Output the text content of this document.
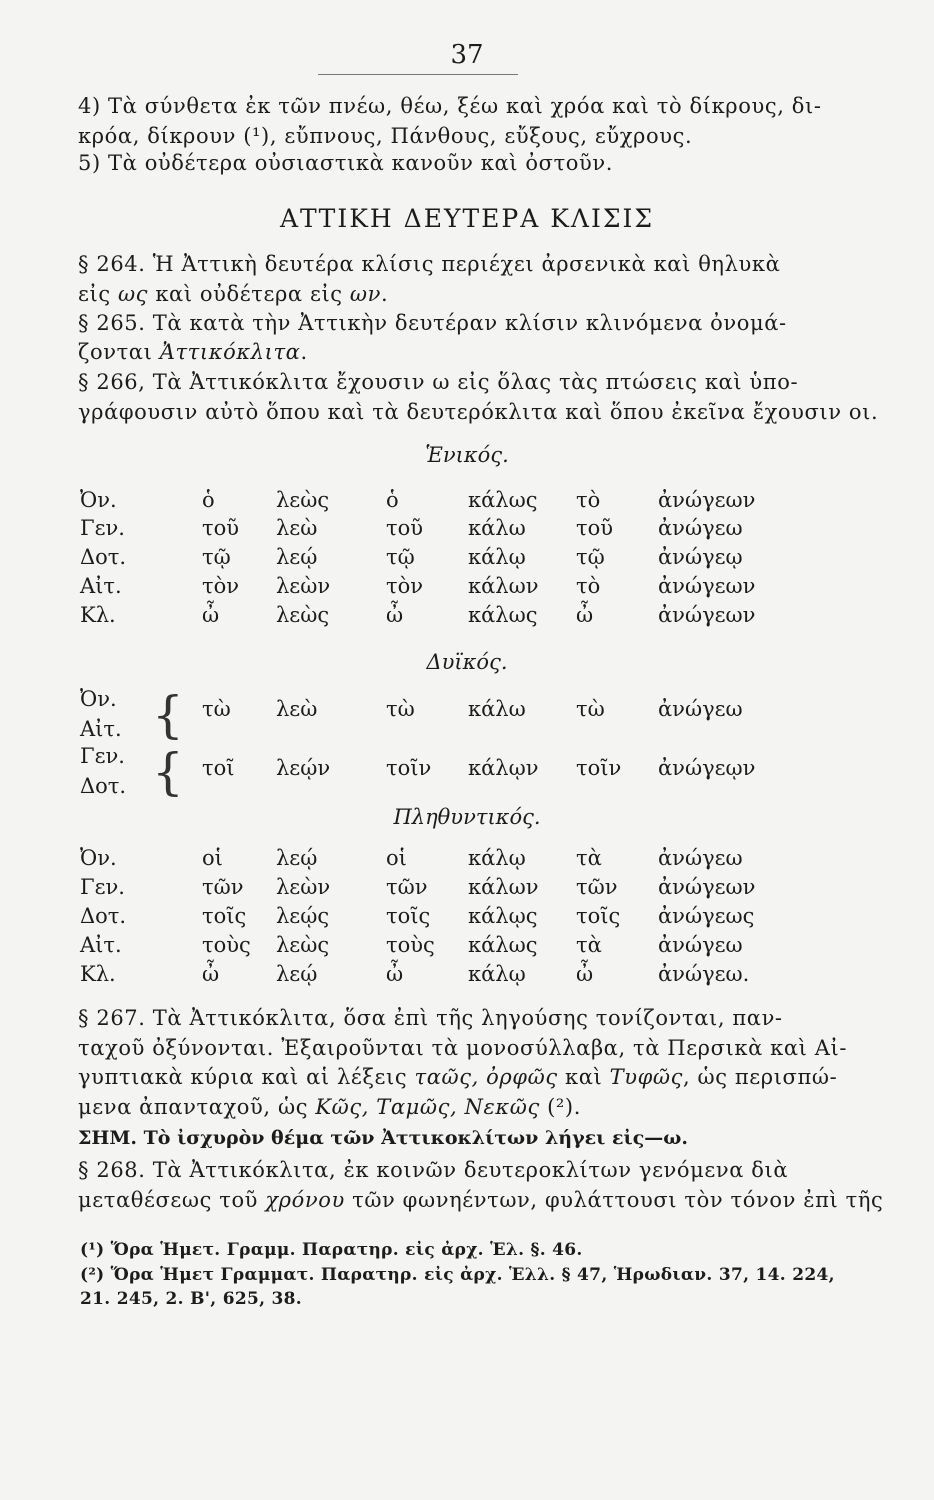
37
4) Τὰ σύνθετα ἐκ τῶν πνέω, θέω, ξέω καὶ χρόα καὶ τὸ δίκρους, δι-
κρόα, δίκρουν (¹), εὔπνους, Πάνθους, εὔξους, εὔχρους.
5) Τὰ οὐδέτερα οὐσιαστικὰ κανοῦν καὶ ὀστοῦν.
ΑΤΤΙΚΗ ΔΕΥΤΕΡΑ ΚΛΙΣΙΣ
§ 264. Ἡ Ἀττικὴ δευτέρα κλίσις περιέχει ἀρσενικὰ καὶ θηλυκὰ
εἰς ως καὶ οὐδέτερα εἰς ων.
§ 265. Τὰ κατὰ τὴν Ἀττικὴν δευτέραν κλίσιν κλινόμενα ὀνομά-
ζονται Ἀττικόκλιτα.
§ 266, Τὰ Ἀττικόκλιτα ἔχουσιν ω εἰς ὅλας τὰς πτώσεις καὶ ὑπο-
γράφουσιν αὐτὸ ὅπου καὶ τὰ δευτερόκλιτα καὶ ὅπου ἐκεῖνα ἔχουσιν οι.
Ἑνικός.
Ὀν.	ὁ	λεὼς	ὁ	κάλως τὸ	ἀνώγεων
Γεν.	τοῦ λεὼ	τοῦ κάλω τοῦ ἀνώγεω
Δοτ.	τῷ λεῴ	τῷ	κάλῳ τῷ	ἀνώγεῳ
Αἰτ.	τὸν λεὼν	τὸν κάλων τὸ	ἀνώγεων
Κλ.	ὦ	λεὼς	ὦ	κάλως ὦ	ἀνώγεων
Δυϊκός.
Ὀν.
Αἰτ. { τὼ λεὼ	τὼ	κάλω τὼ	ἀνώγεω
Γεν.
Δοτ. { τοῖ λεῴν	τοῖν κάλῳν τοῖν ἀνώγεῳν
Πληθυντικός.
Ὀν.	οἱ	λεῴ	οἱ	κάλῳ τὰ	ἀνώγεω
Γεν.	τῶν λεὼν	τῶν κάλων τῶν ἀνώγεων
Δοτ.	τοῖς λεῴς	τοῖς κάλῳς τοῖς ἀνώγεως
Αἰτ.	τοὺς λεὼς	τοὺς κάλως τὰ	ἀνώγεω
Κλ.	ὦ	λεῴ	ὦ	κάλῳ ὦ	ἀνώγεω.
§ 267. Τὰ Ἀττικόκλιτα, ὅσα ἐπὶ τῆς ληγούσης τονίζονται, παν-
ταχοῦ ὀξύνονται. Ἐξαιροῦνται τὰ μονοσύλλαβα, τὰ Περσικὰ καὶ Αἰ-
γυπτιακὰ κύρια καὶ αἱ λέξεις ταῶς, ὀρφῶς καὶ Τυφῶς, ὡς περισπώ-
μενα ἀπανταχοῦ, ὡς Κῶς, Ταμῶς, Νεκῶς (²).
ΣΗΜ. Τὸ ἰσχυρὸν θέμα τῶν Ἀττικοκλίτων λήγει εἰς—ω.
§ 268. Τὰ Ἀττικόκλιτα, ἐκ κοινῶν δευτεροκλίτων γενόμενα διὰ
μεταθέσεως τοῦ χρόνου τῶν φωνηέντων, φυλάττουσι τὸν τόνον ἐπὶ τῆς
(¹) Ὅρα Ἡμετ. Γραμμ. Παρατηρ. εἰς ἀρχ. Ἑλ. §. 46.
(²) Ὅρα Ἡμετ Γραμματ. Παρατηρ. εἰς ἀρχ. Ἑλλ. § 47, Ἡρωδιαν. 37, 14. 224,
21. 245, 2. Β', 625, 38.
